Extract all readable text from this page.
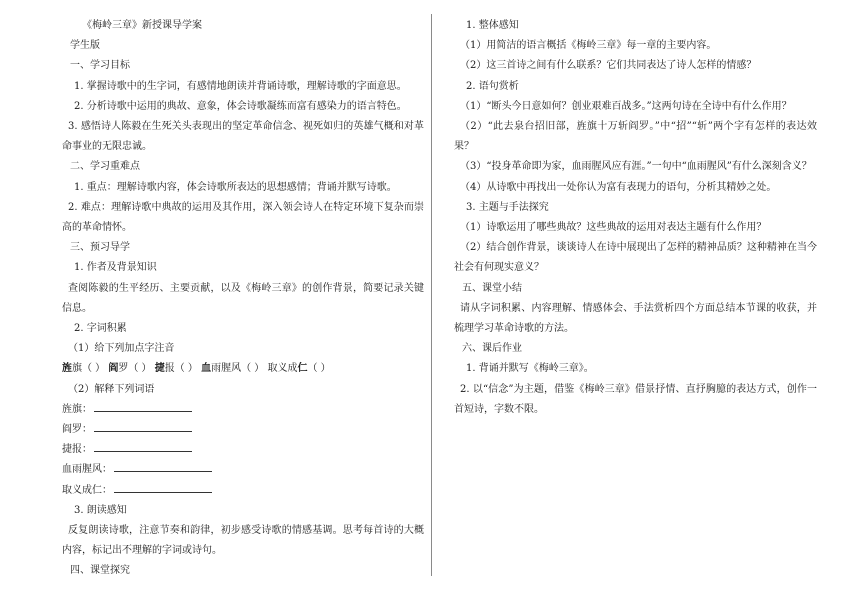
《梅岭三章》新授课导学案
学生版
一、学习目标
1. 掌握诗歌中的生字词，有感情地朗读并背诵诗歌，理解诗歌的字面意思。
2. 分析诗歌中运用的典故、意象，体会诗歌凝练而富有感染力的语言特色。
3. 感悟诗人陈毅在生死关头表现出的坚定革命信念、视死如归的英雄气概和对革命事业的无限忠诚。
二、学习重难点
1. 重点：理解诗歌内容，体会诗歌所表达的思想感情；背诵并默写诗歌。
2. 难点：理解诗歌中典故的运用及其作用，深入领会诗人在特定环境下复杂而崇高的革命情怀。
三、预习导学
1. 作者及背景知识
查阅陈毅的生平经历、主要贡献，以及《梅岭三章》的创作背景，简要记录关键信息。
2. 字词积累
（1）给下列加点字注音
旌旗（ ） 阎罗（ ） 捷报（ ） 血雨腥风（ ） 取义成仁（ ）
（2）解释下列词语
旌旗：
阎罗：
捷报：
血雨腥风：
取义成仁：
3. 朗读感知
反复朗读诗歌，注意节奏和韵律，初步感受诗歌的情感基调。思考每首诗的大概内容，标记出不理解的字词或诗句。
四、课堂探究
1. 整体感知
（1）用简洁的语言概括《梅岭三章》每一章的主要内容。
（2）这三首诗之间有什么联系？它们共同表达了诗人怎样的情感？
2. 语句赏析
（1）“断头今日意如何？创业艰难百战多。”这两句诗在全诗中有什么作用？
（2）“此去泉台招旧部，旌旗十万斩阎罗。”中“招”“斩”两个字有怎样的表达效果？
（3）“投身革命即为家，血雨腥风应有涯。”一句中“血雨腥风”有什么深刻含义？
（4）从诗歌中再找出一处你认为富有表现力的语句，分析其精妙之处。
3. 主题与手法探究
（1）诗歌运用了哪些典故？这些典故的运用对表达主题有什么作用？
（2）结合创作背景，谈谈诗人在诗中展现出了怎样的精神品质？这种精神在当今社会有何现实意义？
五、课堂小结
请从字词积累、内容理解、情感体会、手法赏析四个方面总结本节课的收获，并梳理学习革命诗歌的方法。
六、课后作业
1. 背诵并默写《梅岭三章》。
2. 以“信念”为主题，借鉴《梅岭三章》借景抒情、直抒胸臆的表达方式，创作一首短诗，字数不限。
